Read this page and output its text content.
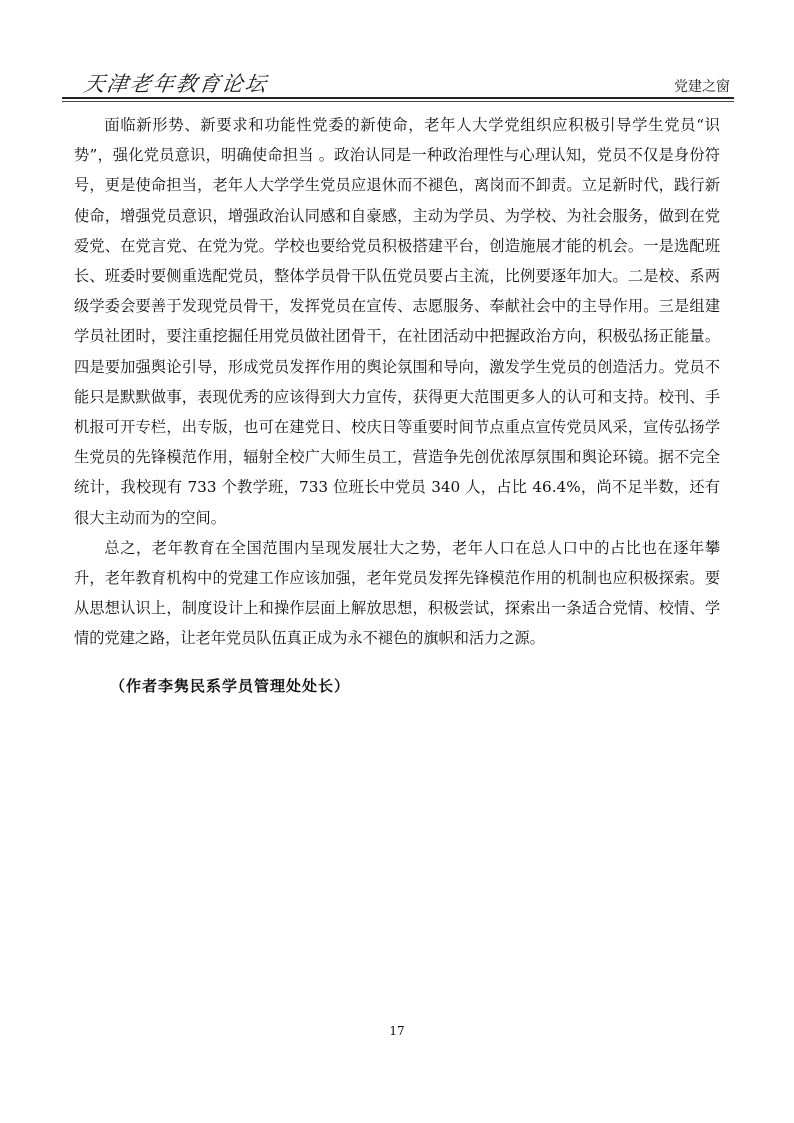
天津老年教育论坛	党建之窗

面临新形势、新要求和功能性党委的新使命，老年人大学党组织应积极引导学生党员“识势”，强化党员意识，明确使命担当 。政治认同是一种政治理性与心理认知，党员不仅是身份符号，更是使命担当，老年人大学学生党员应退休而不褪色，离岗而不卸责。立足新时代，践行新使命，增强党员意识，增强政治认同感和自豪感，主动为学员、为学校、为社会服务，做到在党爱党、在党言党、在党为党。学校也要给党员积极搭建平台，创造施展才能的机会。一是选配班长、班委时要侧重选配党员，整体学员骨干队伍党员要占主流，比例要逐年加大。二是校、系两级学委会要善于发现党员骨干，发挥党员在宣传、志愿服务、奉献社会中的主导作用。三是组建学员社团时，要注重挖掘任用党员做社团骨干，在社团活动中把握政治方向，积极弘扬正能量。四是要加强舆论引导，形成党员发挥作用的舆论氛围和导向，激发学生党员的创造活力。党员不能只是默默做事，表现优秀的应该得到大力宣传，获得更大范围更多人的认可和支持。校刊、手机报可开专栏，出专版，也可在建党日、校庆日等重要时间节点重点宣传党员风采，宣传弘扬学生党员的先锋模范作用，辐射全校广大师生员工，营造争先创优浓厚氛围和舆论环镜。据不完全统计，我校现有 733 个教学班，733 位班长中党员 340 人，占比 46.4%，尚不足半数，还有很大主动而为的空间。

总之，老年教育在全国范围内呈现发展壮大之势，老年人口在总人口中的占比也在逐年攀升，老年教育机构中的党建工作应该加强，老年党员发挥先锋模范作用的机制也应积极探索。要从思想认识上，制度设计上和操作层面上解放思想，积极尝试，探索出一条适合党情、校情、学情的党建之路，让老年党员队伍真正成为永不褪色的旗帜和活力之源。

（作者李隽民系学员管理处处长）
17
